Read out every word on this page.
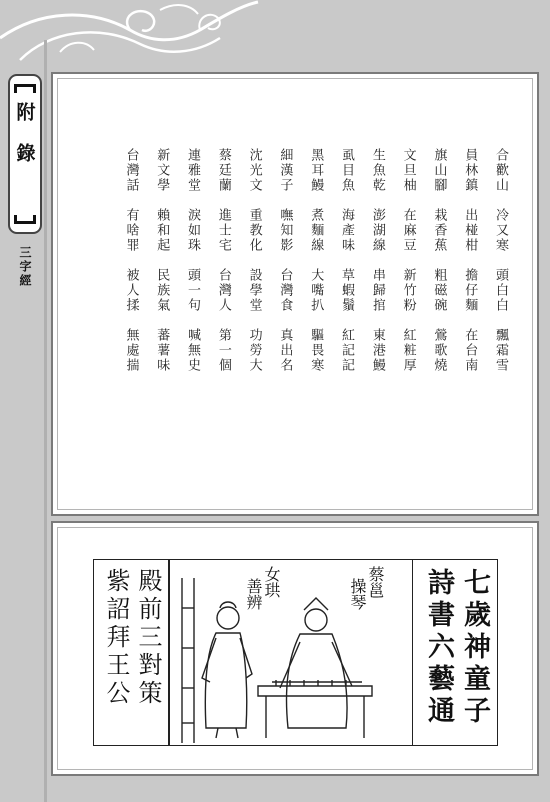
附錄
三字經	合歡山　冷又寒　頭白白　飄霜雪
員林鎮　出椪柑　擔仔麵　在台南
旗山腳　栽香蕉　粗磁碗　鶯歌燒
文旦柚　在麻豆　新竹粉　紅粧厚
生魚乾　澎湖線　串歸捾　東港鰻
虱目魚　海產味　草蝦鬚　紅記記
黑耳鰻　煮麵線　大嘴扒　驅畏寒
細漢子　嘸知影　台灣食　真出名
沈光文　重教化　設學堂　功勞大
蔡廷蘭　進士宅　台灣人　第一個
連雅堂　淚如珠　頭一句　喊無史
新文學　賴和起　民族氣　蕃薯味
台灣話　有啥罪　被人揉　無處揣
七歲神童子
詩書六藝通
殿前三對策
紫詔拜王公	蔡邕
操琴
女珙
善辨
